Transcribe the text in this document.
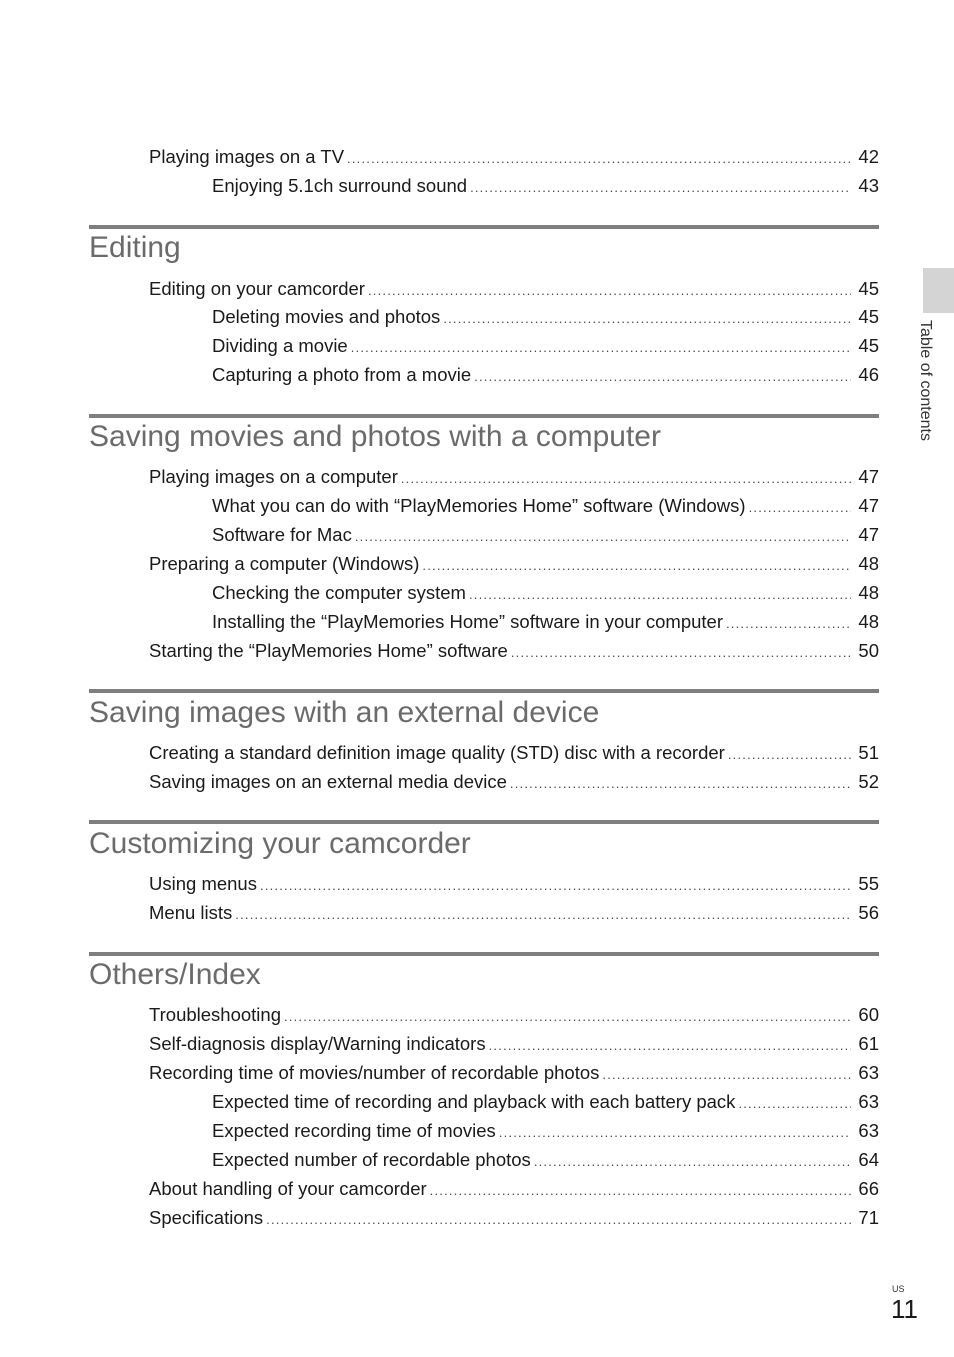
Playing images on a TV .....	42
Enjoying 5.1ch surround sound .....	43
Editing
Editing on your camcorder .....	45
Deleting movies and photos .....	45
Dividing a movie .....	45
Capturing a photo from a movie .....	46
Saving movies and photos with a computer
Playing images on a computer .....	47
What you can do with “PlayMemories Home” software (Windows) .....	47
Software for Mac .....	47
Preparing a computer (Windows) .....	48
Checking the computer system .....	48
Installing the “PlayMemories Home” software in your computer .....	48
Starting the “PlayMemories Home” software .....	50
Saving images with an external device
Creating a standard definition image quality (STD) disc with a recorder .....	51
Saving images on an external media device .....	52
Customizing your camcorder
Using menus .....	55
Menu lists .....	56
Others/Index
Troubleshooting .....	60
Self-diagnosis display/Warning indicators .....	61
Recording time of movies/number of recordable photos .....	63
Expected time of recording and playback with each battery pack .....	63
Expected recording time of movies .....	63
Expected number of recordable photos .....	64
About handling of your camcorder .....	66
Specifications .....	71
Table of contents
US
11
